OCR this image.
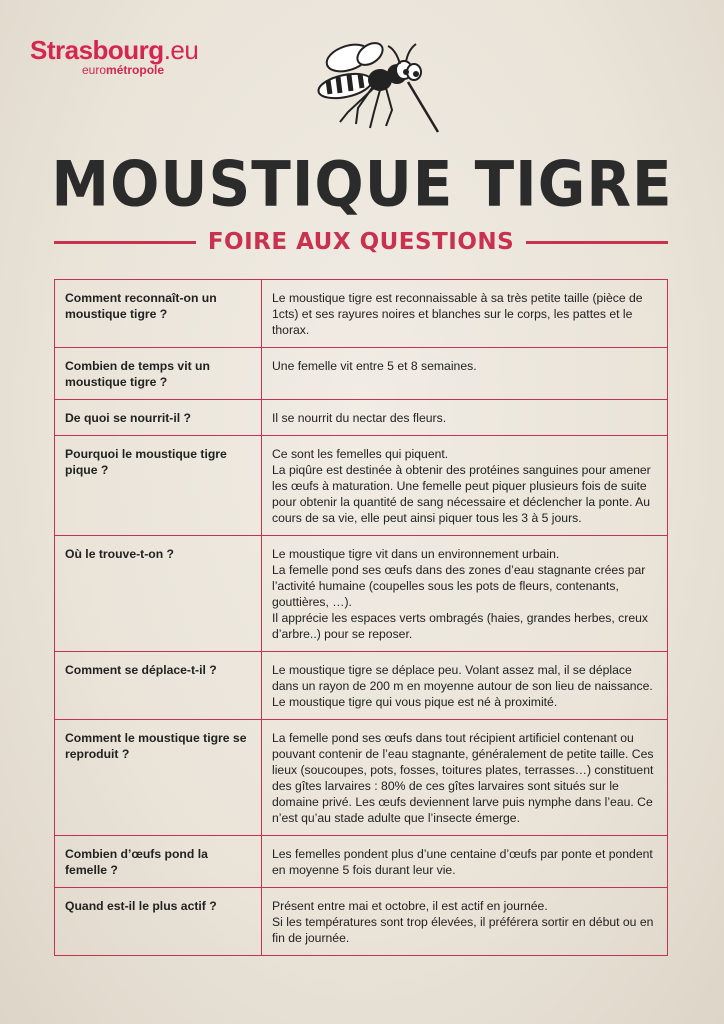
Strasbourg.eu
eurométropole
MOUSTIQUE TIGRE
FOIRE AUX QUESTIONS
Comment reconnaît-on un moustique tigre ?	Le moustique tigre est reconnaissable à sa très petite taille (pièce de 1cts) et ses rayures noires et blanches sur le corps, les pattes et le thorax.
Combien de temps vit un moustique tigre ?	Une femelle vit entre 5 et 8 semaines.
De quoi se nourrit-il ?	Il se nourrit du nectar des fleurs.
Pourquoi le moustique tigre pique ?	Ce sont les femelles qui piquent.
La piqûre est destinée à obtenir des protéines sanguines pour amener les œufs à maturation. Une femelle peut piquer plusieurs fois de suite pour obtenir la quantité de sang nécessaire et déclencher la ponte. Au cours de sa vie, elle peut ainsi piquer tous les 3 à 5 jours.
Où le trouve-t-on ?	Le moustique tigre vit dans un environnement urbain.
La femelle pond ses œufs dans des zones d’eau stagnante crées par l’activité humaine (coupelles sous les pots de fleurs, contenants, gouttières, …).
Il apprécie les espaces verts ombragés (haies, grandes herbes, creux d’arbre..) pour se reposer.
Comment se déplace-t-il ?	Le moustique tigre se déplace peu. Volant assez mal, il se déplace dans un rayon de 200 m en moyenne autour de son lieu de naissance. Le moustique tigre qui vous pique est né à proximité.
Comment le moustique tigre se reproduit ?	La femelle pond ses œufs dans tout récipient artificiel contenant ou pouvant contenir de l’eau stagnante, généralement de petite taille. Ces lieux (soucoupes, pots, fosses, toitures plates, terrasses…) constituent des gîtes larvaires : 80% de ces gîtes larvaires sont situés sur le domaine privé. Les œufs deviennent larve puis nymphe dans l’eau. Ce n’est qu’au stade adulte que l’insecte émerge.
Combien d’œufs pond la femelle ?	Les femelles pondent plus d’une centaine d’œufs par ponte et pondent en moyenne 5 fois durant leur vie.
Quand est-il le plus actif ?	Présent entre mai et octobre, il est actif en journée.
Si les températures sont trop élevées, il préférera sortir en début ou en fin de journée.
